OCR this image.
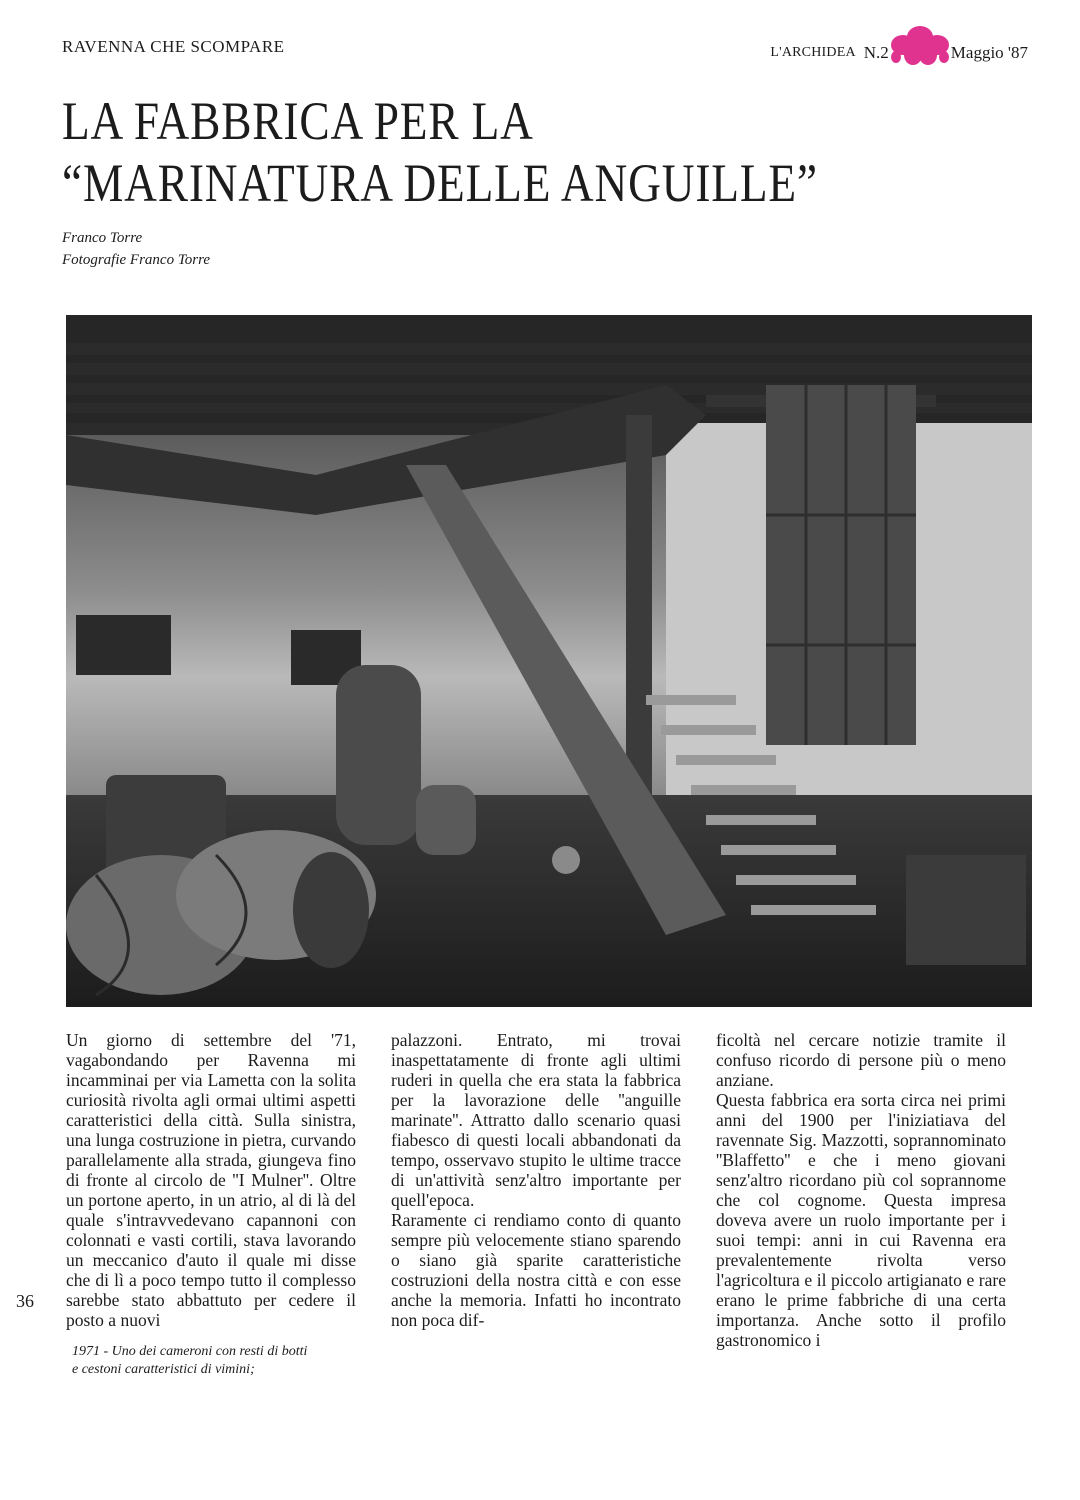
RAVENNA CHE SCOMPARE	L'ARCHIDEA N.2	Maggio '87
LA FABBRICA PER LA
“MARINATURA DELLE ANGUILLE”
Franco Torre
Fotografie Franco Torre

Un giorno di settembre del '71, vagabondando per Ravenna mi incamminai per via Lametta con la solita curiosità rivolta agli ormai ultimi aspetti caratteristici della città. Sulla sinistra, una lunga costruzione in pietra, curvando parallelamente alla strada, giungeva fino di fronte al circolo de ''I Mulner''. Oltre un portone aperto, in un atrio, al di là del quale s'intravvedevano capannoni con colonnati e vasti cortili, stava lavorando un meccanico d'auto il quale mi disse che di lì a poco tempo tutto il complesso sarebbe stato abbattuto per cedere il posto a nuovi

palazzoni. Entrato, mi trovai inaspettatamente di fronte agli ultimi ruderi in quella che era stata la fabbrica per la lavorazione delle ''anguille marinate''. Attratto dallo scenario quasi fiabesco di questi locali abbandonati da tempo, osservavo stupito le ultime tracce di un'attività senz'altro importante per quell'epoca.

Raramente ci rendiamo conto di quanto sempre più velocemente stiano sparendo o siano già sparite caratteristiche costruzioni della nostra città e con esse anche la memoria. Infatti ho incontrato non poca dif-

ficoltà nel cercare notizie tramite il confuso ricordo di persone più o meno anziane.

Questa fabbrica era sorta circa nei primi anni del 1900 per l'iniziatiava del ravennate Sig. Mazzotti, soprannominato ''Blaffetto'' e che i meno giovani senz'altro ricordano più col soprannome che col cognome. Questa impresa doveva avere un ruolo importante per i suoi tempi: anni in cui Ravenna era prevalentemente rivolta verso l'agricoltura e il piccolo artigianato e rare erano le prime fabbriche di una certa importanza. Anche sotto il profilo gastronomico i

36
1971 - Uno dei cameroni con resti di botti e cestoni caratteristici di vimini;
